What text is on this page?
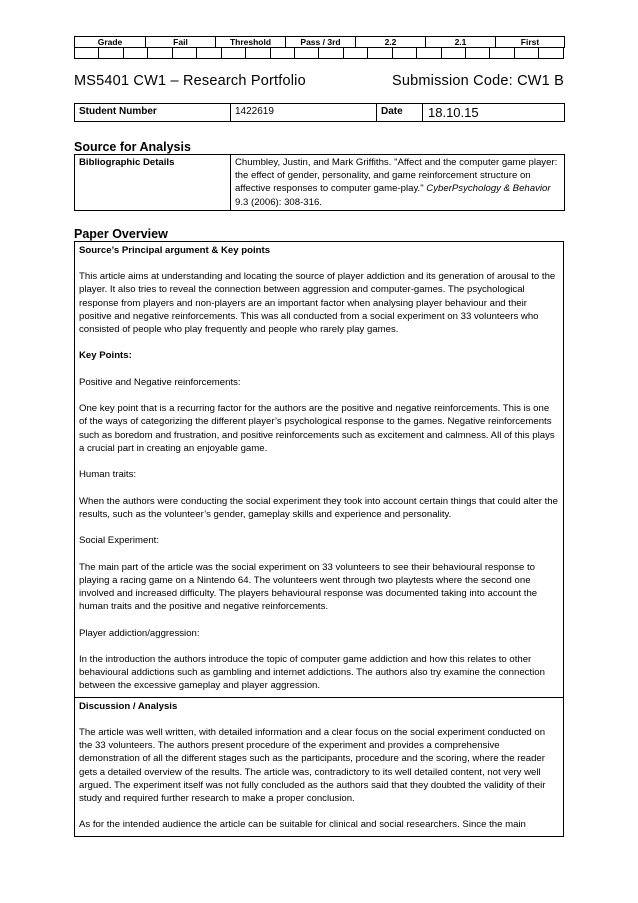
Grade	Fail	Threshold	Pass / 3rd	2.2	2.1	First

MS5401 CW1 – Research Portfolio	Submission Code: CW1 B
Student Number	1422619	Date	18.10.15
Source for Analysis
Bibliographic Details	Chumbley, Justin, and Mark Griffiths. "Affect and the computer game player: the effect of gender, personality, and game reinforcement structure on affective responses to computer game-play." CyberPsychology & Behavior 9.3 (2006): 308-316.
Paper Overview

Source’s Principal argument & Key points

This article aims at understanding and locating the source of player addiction and its generation of arousal to the player. It also tries to reveal the connection between aggression and computer-games. The psychological response from players and non-players are an important factor when analysing player behaviour and their positive and negative reinforcements. This was all conducted from a social experiment on 33 volunteers who consisted of people who play frequently and people who rarely play games.

Key Points:

Positive and Negative reinforcements:

One key point that is a recurring factor for the authors are the positive and negative reinforcements. This is one of the ways of categorizing the different player’s psychological response to the games. Negative reinforcements such as boredom and frustration, and positive reinforcements such as excitement and calmness. All of this plays a crucial part in creating an enjoyable game.

Human traits:

When the authors were conducting the social experiment they took into account certain things that could alter the results, such as the volunteer’s gender, gameplay skills and experience and personality.

Social Experiment:

The main part of the article was the social experiment on 33 volunteers to see their behavioural response to playing a racing game on a Nintendo 64. The volunteers went through two playtests where the second one involved and increased difficulty. The players behavioural response was documented taking into account the human traits and the positive and negative reinforcements.

Player addiction/aggression:

In the introduction the authors introduce the topic of computer game addiction and how this relates to other behavioural addictions such as gambling and internet addictions. The authors also try examine the connection between the excessive gameplay and player aggression.

Discussion / Analysis

The article was well written, with detailed information and a clear focus on the social experiment conducted on the 33 volunteers. The authors present procedure of the experiment and provides a comprehensive demonstration of all the different stages such as the participants, procedure and the scoring, where the reader gets a detailed overview of the results. The article was, contradictory to its well detailed content, not very well argued. The experiment itself was not fully concluded as the authors said that they doubted the validity of their study and required further research to make a proper conclusion.

As for the intended audience the article can be suitable for clinical and social researchers. Since the main
